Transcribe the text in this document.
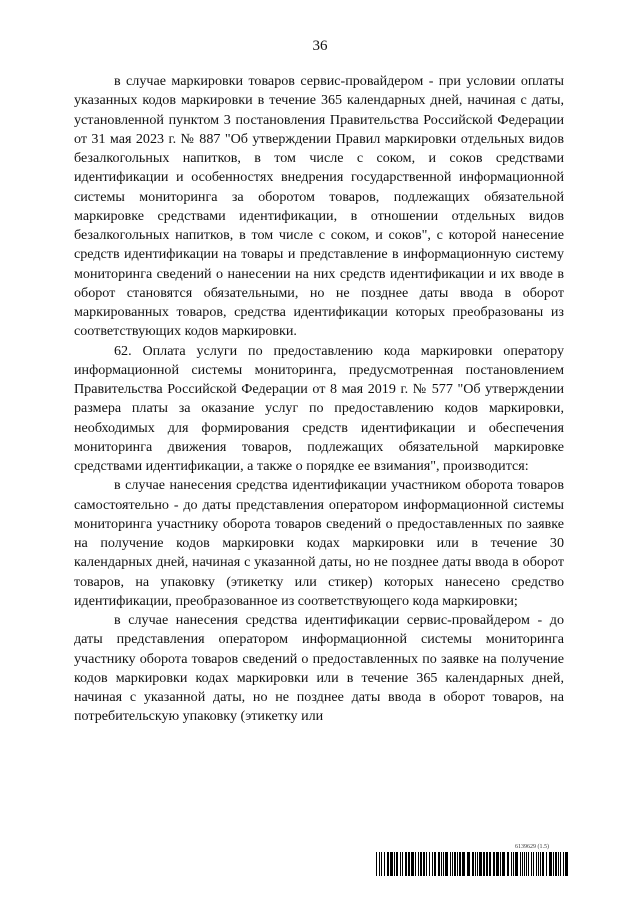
36

в случае маркировки товаров сервис-провайдером - при условии оплаты указанных кодов маркировки в течение 365 календарных дней, начиная с даты, установленной пунктом 3 постановления Правительства Российской Федерации от 31 мая 2023 г. № 887 "Об утверждении Правил маркировки отдельных видов безалкогольных напитков, в том числе с соком, и соков средствами идентификации и особенностях внедрения государственной информационной системы мониторинга за оборотом товаров, подлежащих обязательной маркировке средствами идентификации, в отношении отдельных видов безалкогольных напитков, в том числе с соком, и соков", с которой нанесение средств идентификации на товары и представление в информационную систему мониторинга сведений о нанесении на них средств идентификации и их вводе в оборот становятся обязательными, но не позднее даты ввода в оборот маркированных товаров, средства идентификации которых преобразованы из соответствующих кодов маркировки.

62. Оплата услуги по предоставлению кода маркировки оператору информационной системы мониторинга, предусмотренная постановлением Правительства Российской Федерации от 8 мая 2019 г. № 577 "Об утверждении размера платы за оказание услуг по предоставлению кодов маркировки, необходимых для формирования средств идентификации и обеспечения мониторинга движения товаров, подлежащих обязательной маркировке средствами идентификации, а также о порядке ее взимания", производится:

в случае нанесения средства идентификации участником оборота товаров самостоятельно - до даты представления оператором информационной системы мониторинга участнику оборота товаров сведений о предоставленных по заявке на получение кодов маркировки кодах маркировки или в течение 30 календарных дней, начиная с указанной даты, но не позднее даты ввода в оборот товаров, на упаковку (этикетку или стикер) которых нанесено средство идентификации, преобразованное из соответствующего кода маркировки;

в случае нанесения средства идентификации сервис-провайдером - до даты представления оператором информационной системы мониторинга участнику оборота товаров сведений о предоставленных по заявке на получение кодов маркировки кодах маркировки или в течение 365 календарных дней, начиная с указанной даты, но не позднее даты ввода в оборот товаров, на потребительскую упаковку (этикетку или

6139629 (1.5)
